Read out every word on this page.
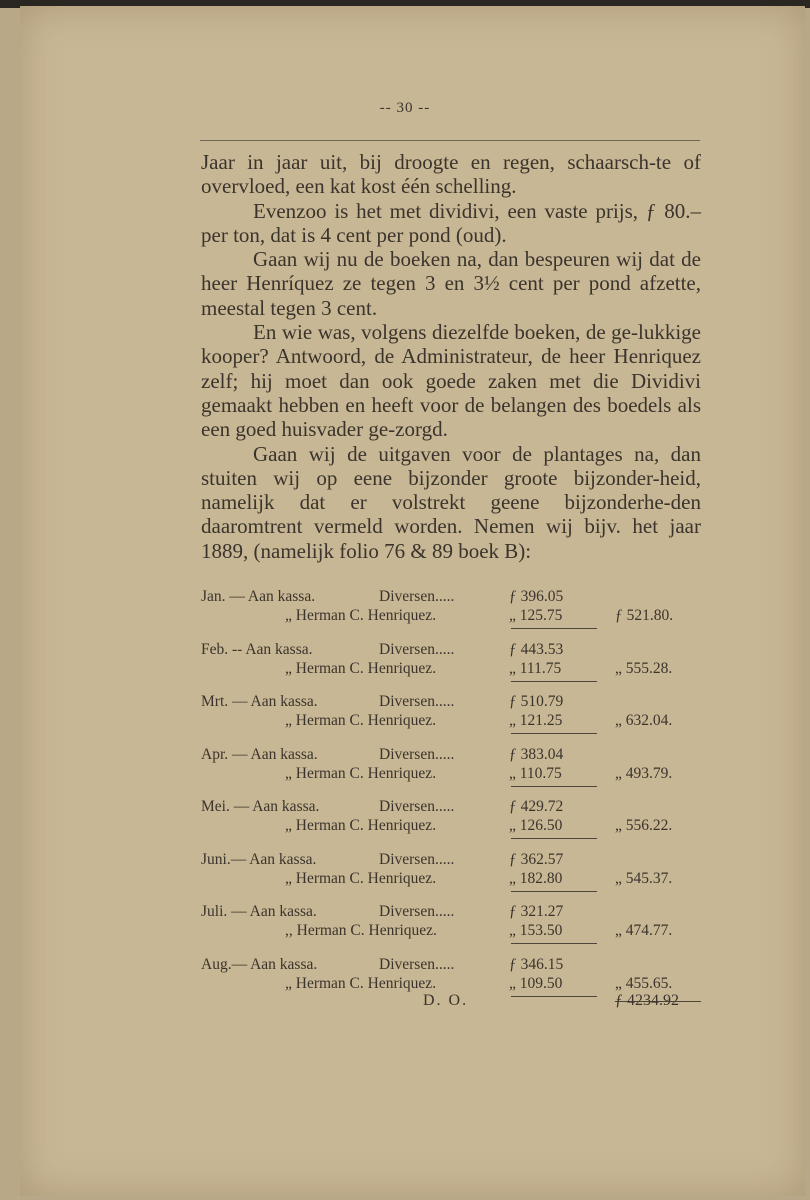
-- 30 --

Jaar in jaar uit, bij droogte en regen, schaarsch-te of overvloed, een kat kost één schelling.

Evenzoo is het met dividivi, een vaste prijs, ƒ 80.–per ton, dat is 4 cent per pond (oud).

Gaan wij nu de boeken na, dan bespeuren wij dat de heer Henríquez ze tegen 3 en 3½ cent per pond afzette, meestal tegen 3 cent.

En wie was, volgens diezelfde boeken, de ge-lukkige kooper? Antwoord, de Administrateur, de heer Henriquez zelf; hij moet dan ook goede zaken met die Dividivi gemaakt hebben en heeft voor de belangen des boedels als een goed huisvader ge-zorgd.

Gaan wij de uitgaven voor de plantages na, dan stuiten wij op eene bijzonder groote bijzonder-heid, namelijk dat er volstrekt geene bijzonderhe-den daaromtrent vermeld worden. Nemen wij bijv. het jaar 1889, (namelijk folio 76 & 89 boek B):

Jan. — Aan kassa.	Diversen.....	ƒ 396.05
„ Herman C. Henriquez.	„ 125.75	ƒ 521.80.
Feb. -- Aan kassa.	Diversen.....	ƒ 443.53
„ Herman C. Henriquez.	„ 111.75	„ 555.28.
Mrt. — Aan kassa.	Diversen.....	ƒ 510.79
„ Herman C. Henriquez.	„ 121.25	„ 632.04.
Apr. — Aan kassa.	Diversen.....	ƒ 383.04
„ Herman C. Henriquez.	„ 110.75	„ 493.79.
Mei. — Aan kassa.	Diversen.....	ƒ 429.72
„ Herman C. Henriquez.	„ 126.50	„ 556.22.
Juni.— Aan kassa.	Diversen.....	ƒ 362.57
„ Herman C. Henriquez.	„ 182.80	„ 545.37.
Juli. — Aan kassa.	Diversen.....	ƒ 321.27
,, Herman C. Henriquez.	„ 153.50	„ 474.77.
Aug.— Aan kassa.	Diversen.....	ƒ 346.15
„ Herman C. Henriquez.	„ 109.50	„ 455.65.
D. O.	ƒ 4234.92
